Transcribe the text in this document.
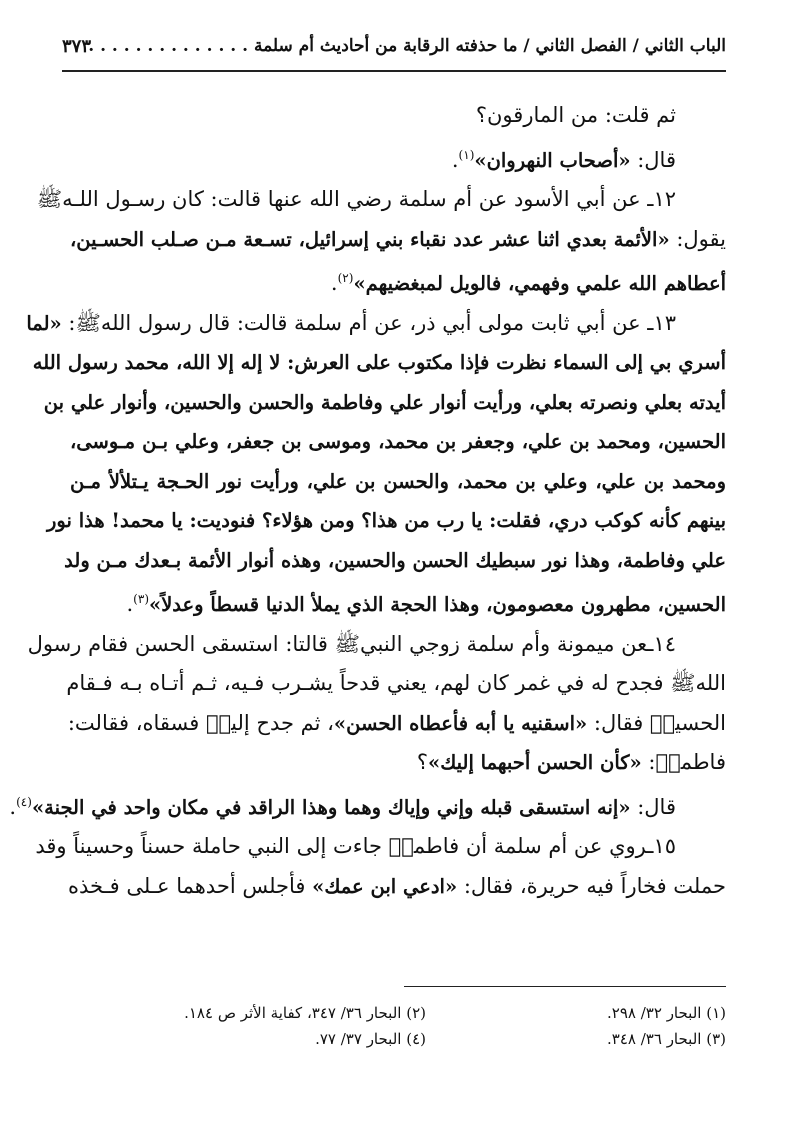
الباب الثاني / الفصل الثاني / ما حذفته الرقابة من أحاديث أم سلمة . . . . . . . . . . . . . .
٣٧٣
ثم قلت: من المارقون؟
قال: «أصحاب النهروان»$^{(١)}$.
١٢ـ عن أبي الأسود عن أم سلمة رضي الله عنها قالت: كان رسـول اللـهﷺ
يقول: «الأئمة بعدي اثنا عشر عدد نقباء بني إسرائيل، تسـعة مـن صـلب الحسـين،
أعطاهم الله علمي وفهمي، فالويل لمبغضيهم»$^{(٢)}$.
١٣ـ عن أبي ثابت مولى أبي ذر، عن أم سلمة قالت: قال رسول اللهﷺ: «لما
أسري بي إلى السماء نظرت فإذا مكتوب على العرش: لا إله إلا الله، محمد رسول الله
أيدته بعلي ونصرته بعلي، ورأيت أنوار علي وفاطمة والحسن والحسين، وأنوار علي بن
الحسين، ومحمد بن علي، وجعفر بن محمد، وموسى بن جعفر، وعلي بـن مـوسى،
ومحمد بن علي، وعلي بن محمد، والحسن بن علي، ورأيت نور الحـجة يـتلألأ مـن
بينهم كأنه كوكب دري، فقلت: يا رب من هذا؟ ومن هؤلاء؟ فنوديت: يا محمد! هذا نور
علي وفاطمة، وهذا نور سبطيك الحسن والحسين، وهذه أنوار الأئمة بـعدك مـن ولد
الحسين، مطهرون معصومون، وهذا الحجة الذي يملأ الدنيا قسطاً وعدلاً»$^{(٣)}$.
١٤ـعن ميمونة وأم سلمة زوجي النبيﷺ قالتا: استسقى الحسن فقام رسول
اللهﷺ فجدح له في غمر كان لهم، يعني قدحاً يشـرب فـيه، ثـم أتـاه بـه فـقام
الحسينؑ فقال: «اسقنيه يا أبه فأعطاه الحسن»، ثم جدح إليهؑ فسقاه، فقالت:
فاطمةؑ: «كأن الحسن أحبهما إليك»؟
قال: «إنه استسقى قبله وإني وإياك وهما وهذا الراقد في مكان واحد في الجنة»$^{(٤)}$.
١٥ـروي عن أم سلمة أن فاطمةؑ جاءت إلى النبي حاملة حسناً وحسيناً وقد
حملت فخاراً فيه حريرة، فقال: «ادعي ابن عمك» فأجلس أحدهما عـلى فـخذه
(١) البحار ٣٢/ ٢٩٨.
(٢) البحار ٣٦/ ٣٤٧، كفاية الأثر ص ١٨٤.
(٣) البحار ٣٦/ ٣٤٨.
(٤) البحار ٣٧/ ٧٧.
